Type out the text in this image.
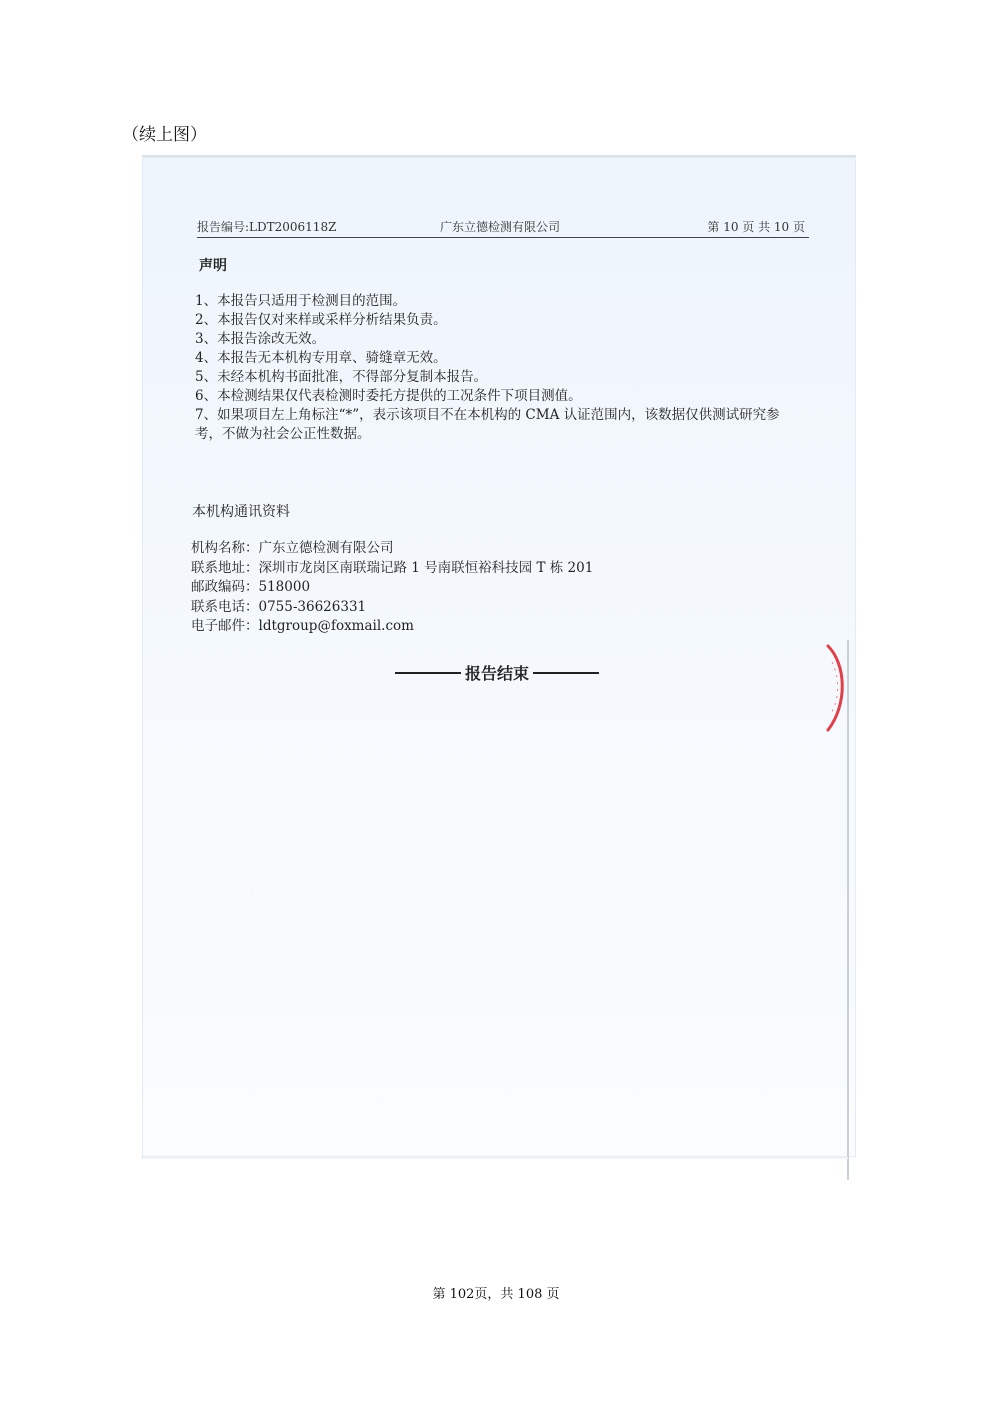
（续上图）
报告编号:LDT2006118Z	广东立德检测有限公司	第 10 页 共 10 页
声明
1、本报告只适用于检测目的范围。
2、本报告仅对来样或采样分析结果负责。
3、本报告涂改无效。
4、本报告无本机构专用章、骑缝章无效。
5、未经本机构书面批准，不得部分复制本报告。
6、本检测结果仅代表检测时委托方提供的工况条件下项目测值。
7、如果项目左上角标注“*”，表示该项目不在本机构的 CMA 认证范围内，该数据仅供测试研究参考，不做为社会公正性数据。
本机构通讯资料
机构名称：广东立德检测有限公司
联系地址：深圳市龙岗区南联瑞记路 1 号南联恒裕科技园 T 栋 201
邮政编码：518000
联系电话：0755-36626331
电子邮件：ldtgroup@foxmail.com
报告结束
第 102页，共 108 页
